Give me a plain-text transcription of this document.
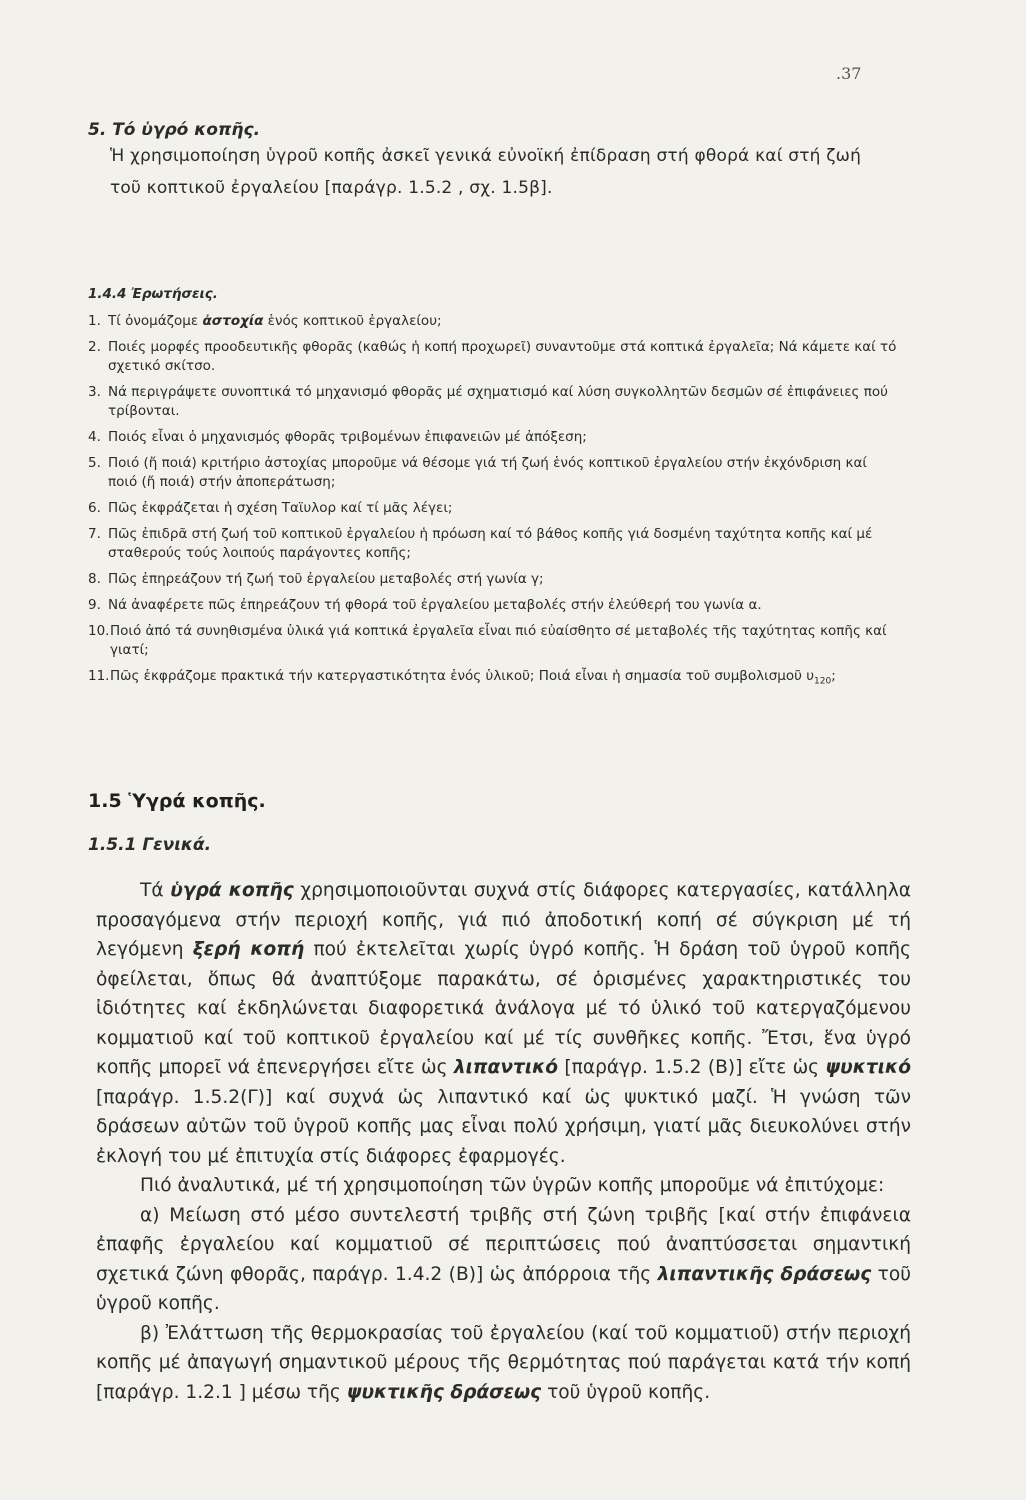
.37
5. Τό ὑγρό κοπῆς.
Ἡ χρησιμοποίηση ὑγροῦ κοπῆς ἀσκεῖ γενικά εὐνοϊκή ἐπίδραση στή φθορά καί στή ζωή τοῦ κοπτικοῦ ἐργαλείου [παράγρ. 1.5.2 , σχ. 1.5β].
1.4.4 Ἐρωτήσεις.
1. Τί ὀνομάζομε ἀστοχία ἑνός κοπτικοῦ ἐργαλείου;
2. Ποιές μορφές προοδευτικῆς φθορᾶς (καθώς ἡ κοπή προχωρεῖ) συναντοῦμε στά κοπτικά ἐργαλεῖα; Νά κάμετε καί τό σχετικό σκίτσο.
3. Νά περιγράψετε συνοπτικά τό μηχανισμό φθορᾶς μέ σχηματισμό καί λύση συγκολλητῶν δεσμῶν σέ ἐπιφάνειες πού τρίβονται.
4. Ποιός εἶναι ὁ μηχανισμός φθορᾶς τριβομένων ἐπιφανειῶν μέ ἀπόξεση;
5. Ποιό (ἤ ποιά) κριτήριο ἀστοχίας μποροῦμε νά θέσομε γιά τή ζωή ἑνός κοπτικοῦ ἐργαλείου στήν ἐκχόνδριση καί ποιό (ἤ ποιά) στήν ἀποπεράτωση;
6. Πῶς ἐκφράζεται ἡ σχέση Ταϊυλορ καί τί μᾶς λέγει;
7. Πῶς ἐπιδρᾶ στή ζωή τοῦ κοπτικοῦ ἐργαλείου ἡ πρόωση καί τό βάθος κοπῆς γιά δοσμένη ταχύτητα κοπῆς καί μέ σταθερούς τούς λοιπούς παράγοντες κοπῆς;
8. Πῶς ἐπηρεάζουν τή ζωή τοῦ ἐργαλείου μεταβολές στή γωνία γ;
9. Νά ἀναφέρετε πῶς ἐπηρεάζουν τή φθορά τοῦ ἐργαλείου μεταβολές στήν ἐλεύθερή του γωνία α.
10. Ποιό ἀπό τά συνηθισμένα ὑλικά γιά κοπτικά ἐργαλεῖα εἶναι πιό εὐαίσθητο σέ μεταβολές τῆς ταχύτητας κοπῆς καί γιατί;
11. Πῶς ἐκφράζομε πρακτικά τήν κατεργαστικότητα ἑνός ὑλικοῦ; Ποιά εἶναι ἡ σημασία τοῦ συμβολισμοῦ $\upsilon_{120}$;
1.5 Ὑγρά κοπῆς.
1.5.1 Γενικά.

Τά ὑγρά κοπῆς χρησιμοποιοῦνται συχνά στίς διάφορες κατεργασίες, κατάλληλα προσαγόμενα στήν περιοχή κοπῆς, γιά πιό ἀποδοτική κοπή σέ σύγκριση μέ τή λεγόμενη ξερή κοπή πού ἐκτελεῖται χωρίς ὑγρό κοπῆς. Ἡ δράση τοῦ ὑγροῦ κοπῆς ὀφείλεται, ὅπως θά ἀναπτύξομε παρακάτω, σέ ὁρισμένες χαρακτηριστικές του ἰδιότητες καί ἐκδηλώνεται διαφορετικά ἀνάλογα μέ τό ὑλικό τοῦ κατεργαζόμενου κομματιοῦ καί τοῦ κοπτικοῦ ἐργαλείου καί μέ τίς συνθῆκες κοπῆς. Ἔτσι, ἕνα ὑγρό κοπῆς μπορεῖ νά ἐπενεργήσει εἴτε ὡς λιπαντικό [παράγρ. 1.5.2 (Β)] εἴτε ὡς ψυκτικό [παράγρ. 1.5.2(Γ)] καί συχνά ὡς λιπαντικό καί ὡς ψυκτικό μαζί. Ἡ γνώση τῶν δράσεων αὐτῶν τοῦ ὑγροῦ κοπῆς μας εἶναι πολύ χρήσιμη, γιατί μᾶς διευκολύνει στήν ἐκλογή του μέ ἐπιτυχία στίς διάφορες ἐφαρμογές.

Πιό ἀναλυτικά, μέ τή χρησιμοποίηση τῶν ὑγρῶν κοπῆς μποροῦμε νά ἐπιτύχομε:

α) Μείωση στό μέσο συντελεστή τριβῆς στή ζώνη τριβῆς [καί στήν ἐπιφάνεια ἐπαφῆς ἐργαλείου καί κομματιοῦ σέ περιπτώσεις πού ἀναπτύσσεται σημαντική σχετικά ζώνη φθορᾶς, παράγρ. 1.4.2 (Β)] ὡς ἀπόρροια τῆς λιπαντικῆς δράσεως τοῦ ὑγροῦ κοπῆς.

β) Ἐλάττωση τῆς θερμοκρασίας τοῦ ἐργαλείου (καί τοῦ κομματιοῦ) στήν περιοχή κοπῆς μέ ἀπαγωγή σημαντικοῦ μέρους τῆς θερμότητας πού παράγεται κατά τήν κοπή [παράγρ. 1.2.1 ] μέσω τῆς ψυκτικῆς δράσεως τοῦ ὑγροῦ κοπῆς.
